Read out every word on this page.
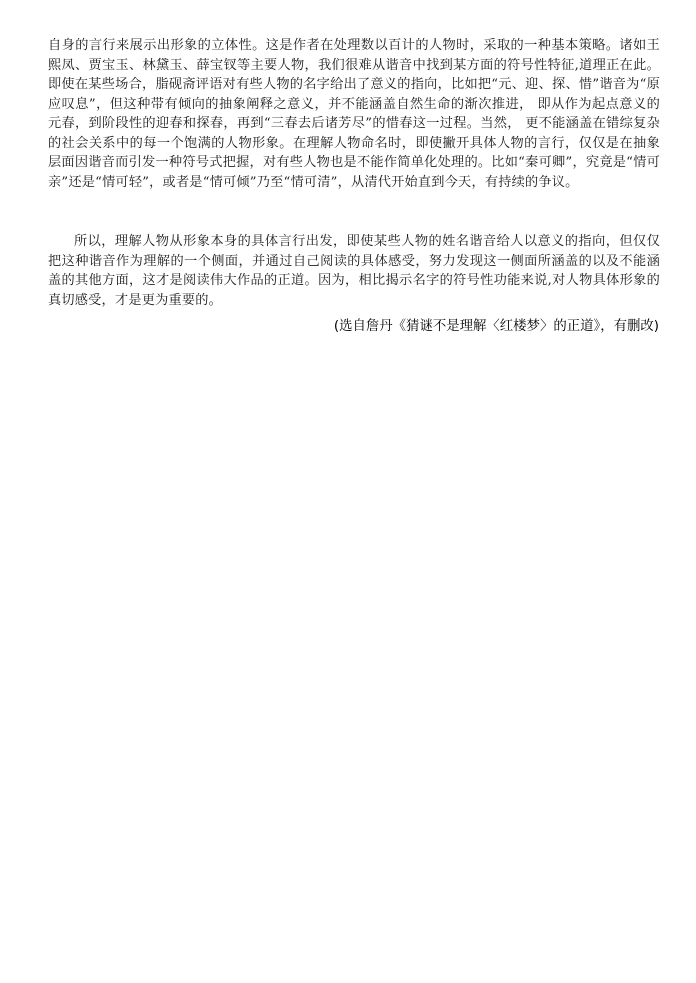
自身的言行来展示出形象的立体性。这是作者在处理数以百计的人物时，采取的一种基本策略。诸如王熙凤、贾宝玉、林黛玉、薛宝钗等主要人物，我们很难从谐音中找到某方面的符号性特征,道理正在此。即使在某些场合，脂砚斋评语对有些人物的名字给出了意义的指向，比如把“元、迎、探、惜”谐音为“原应叹息”，但这种带有倾向的抽象阐释之意义，并不能涵盖自然生命的渐次推进， 即从作为起点意义的元春，到阶段性的迎春和探春，再到“三春去后诸芳尽”的惜春这一过程。当然， 更不能涵盖在错综复杂的社会关系中的每一个饱满的人物形象。在理解人物命名时，即使撇开具体人物的言行，仅仅是在抽象层面因谐音而引发一种符号式把握，对有些人物也是不能作简单化处理的。比如“秦可卿”，究竟是“情可亲”还是“情可轻”，或者是“情可倾”乃至“情可清”，从清代开始直到今天，有持续的争议。

所以，理解人物从形象本身的具体言行出发，即使某些人物的姓名谐音给人以意义的指向，但仅仅把这种谐音作为理解的一个侧面，并通过自己阅读的具体感受，努力发现这一侧面所涵盖的以及不能涵盖的其他方面，这才是阅读伟大作品的正道。因为，相比揭示名字的符号性功能来说,对人物具体形象的真切感受，才是更为重要的。

(选自詹丹《猜谜不是理解〈红楼梦〉的正道》，有删改)
